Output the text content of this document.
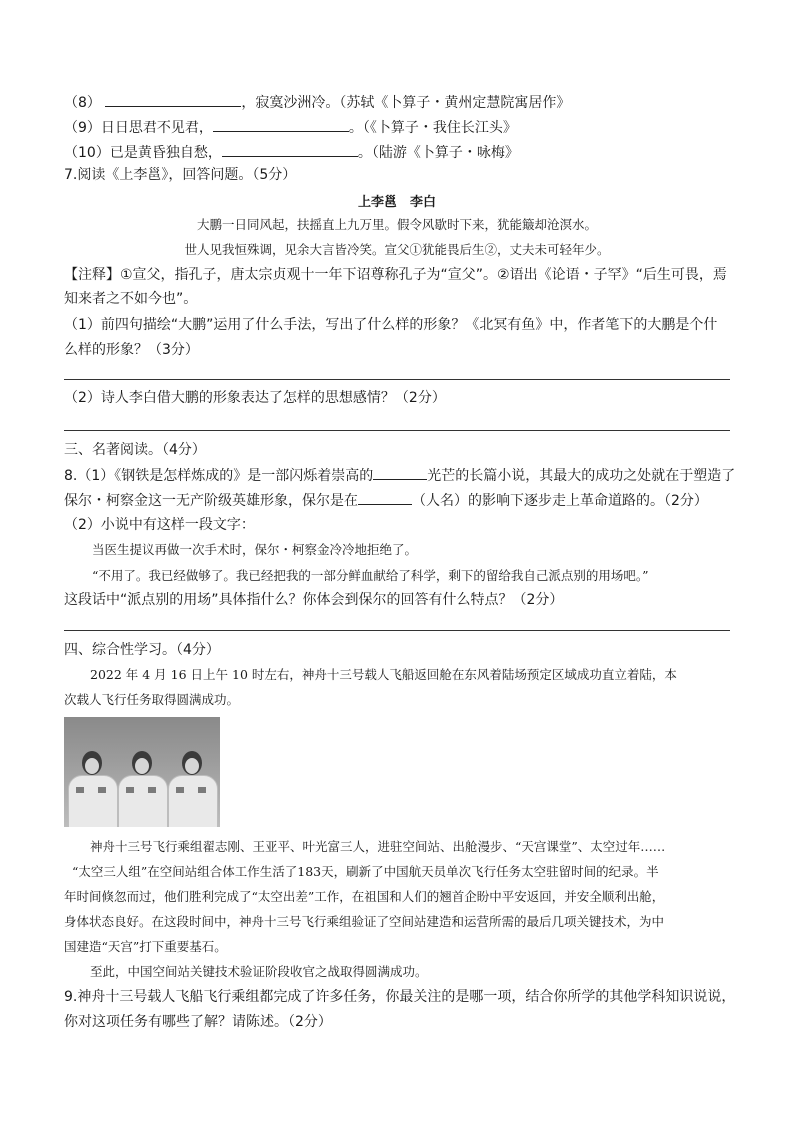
（8）	，寂寞沙洲冷。（苏轼《卜算子・黄州定慧院寓居作》
（9）日日思君不见君，	。（《卜算子・我住长江头》
（10）已是黄昏独自愁，	。（陆游《卜算子・咏梅》
7.阅读《上李邕》，回答问题。（5分）
上李邕　李白
大鹏一日同风起，扶摇直上九万里。假令风歇时下来，犹能簸却沧溟水。
世人见我恒殊调，见余大言皆冷笑。宣父①犹能畏后生②，丈夫未可轻年少。
【注释】①宣父，指孔子，唐太宗贞观十一年下诏尊称孔子为“宣父”。②语出《论语・子罕》“后生可畏，焉
知来者之不如今也”。
（1）前四句描绘“大鹏”运用了什么手法，写出了什么样的形象？《北冥有鱼》中，作者笔下的大鹏是个什
么样的形象？（3分）
（2）诗人李白借大鹏的形象表达了怎样的思想感情？（2分）
三、名著阅读。（4分）
8.（1）《钢铁是怎样炼成的》是一部闪烁着崇高的	光芒的长篇小说，其最大的成功之处就在于塑造了
保尔・柯察金这一无产阶级英雄形象，保尔是在	（人名）的影响下逐步走上革命道路的。（2分）
（2）小说中有这样一段文字：
当医生提议再做一次手术时，保尔・柯察金冷冷地拒绝了。
“不用了。我已经做够了。我已经把我的一部分鲜血献给了科学，剩下的留给我自己派点别的用场吧。”
这段话中“派点别的用场”具体指什么？你体会到保尔的回答有什么特点？（2分）
四、综合性学习。（4分）
2022 年 4 月 16 日上午 10 时左右，神舟十三号载人飞船返回舱在东风着陆场预定区域成功直立着陆，本
次载人飞行任务取得圆满成功。
神舟十三号飞行乘组翟志刚、王亚平、叶光富三人，进驻空间站、出舱漫步、“天宫课堂”、太空过年……
“太空三人组”在空间站组合体工作生活了183天，刷新了中国航天员单次飞行任务太空驻留时间的纪录。半
年时间倏忽而过，他们胜利完成了“太空出差”工作，在祖国和人们的翘首企盼中平安返回，并安全顺利出舱，
身体状态良好。在这段时间中，神舟十三号飞行乘组验证了空间站建造和运营所需的最后几项关键技术，为中
国建造“天宫”打下重要基石。
至此，中国空间站关键技术验证阶段收官之战取得圆满成功。
9.神舟十三号载人飞船飞行乘组都完成了许多任务，你最关注的是哪一项，结合你所学的其他学科知识说说，
你对这项任务有哪些了解？请陈述。（2分）
